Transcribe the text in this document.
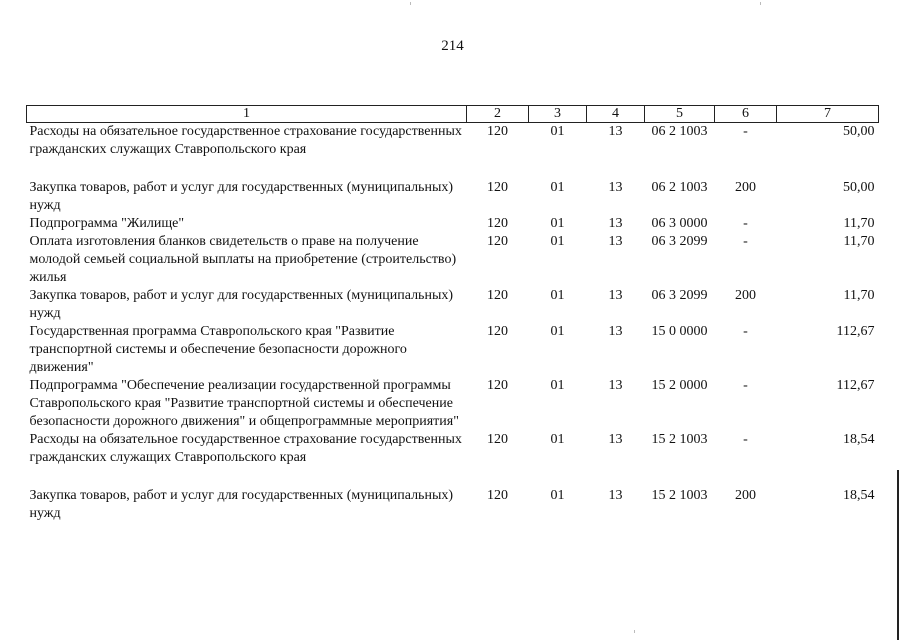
214
1	2	3	4	5	6	7
Расходы на обязательное государственное страхование государственных гражданских служащих Ставропольского края	120	01	13	06 2 1003	-	50,00
Закупка товаров, работ и услуг для государственных (муниципальных) нужд	120	01	13	06 2 1003	200	50,00
Подпрограмма "Жилище"	120	01	13	06 3 0000	-	11,70
Оплата изготовления бланков свидетельств о праве на получение молодой семьей социальной выплаты на приобретение (строительство) жилья	120	01	13	06 3 2099	-	11,70
Закупка товаров, работ и услуг для государственных (муниципальных) нужд	120	01	13	06 3 2099	200	11,70
Государственная программа Ставропольского края "Развитие транспортной системы и обеспечение безопасности дорожного движения"	120	01	13	15 0 0000	-	112,67
Подпрограмма "Обеспечение реализации государственной программы Ставропольского края "Развитие транспортной системы и обеспечение безопасности дорожного движения" и общепрограммные мероприятия"	120	01	13	15 2 0000	-	112,67
Расходы на обязательное государственное страхование государственных гражданских служащих Ставропольского края	120	01	13	15 2 1003	-	18,54
Закупка товаров, работ и услуг для государственных (муниципальных) нужд	120	01	13	15 2 1003	200	18,54
